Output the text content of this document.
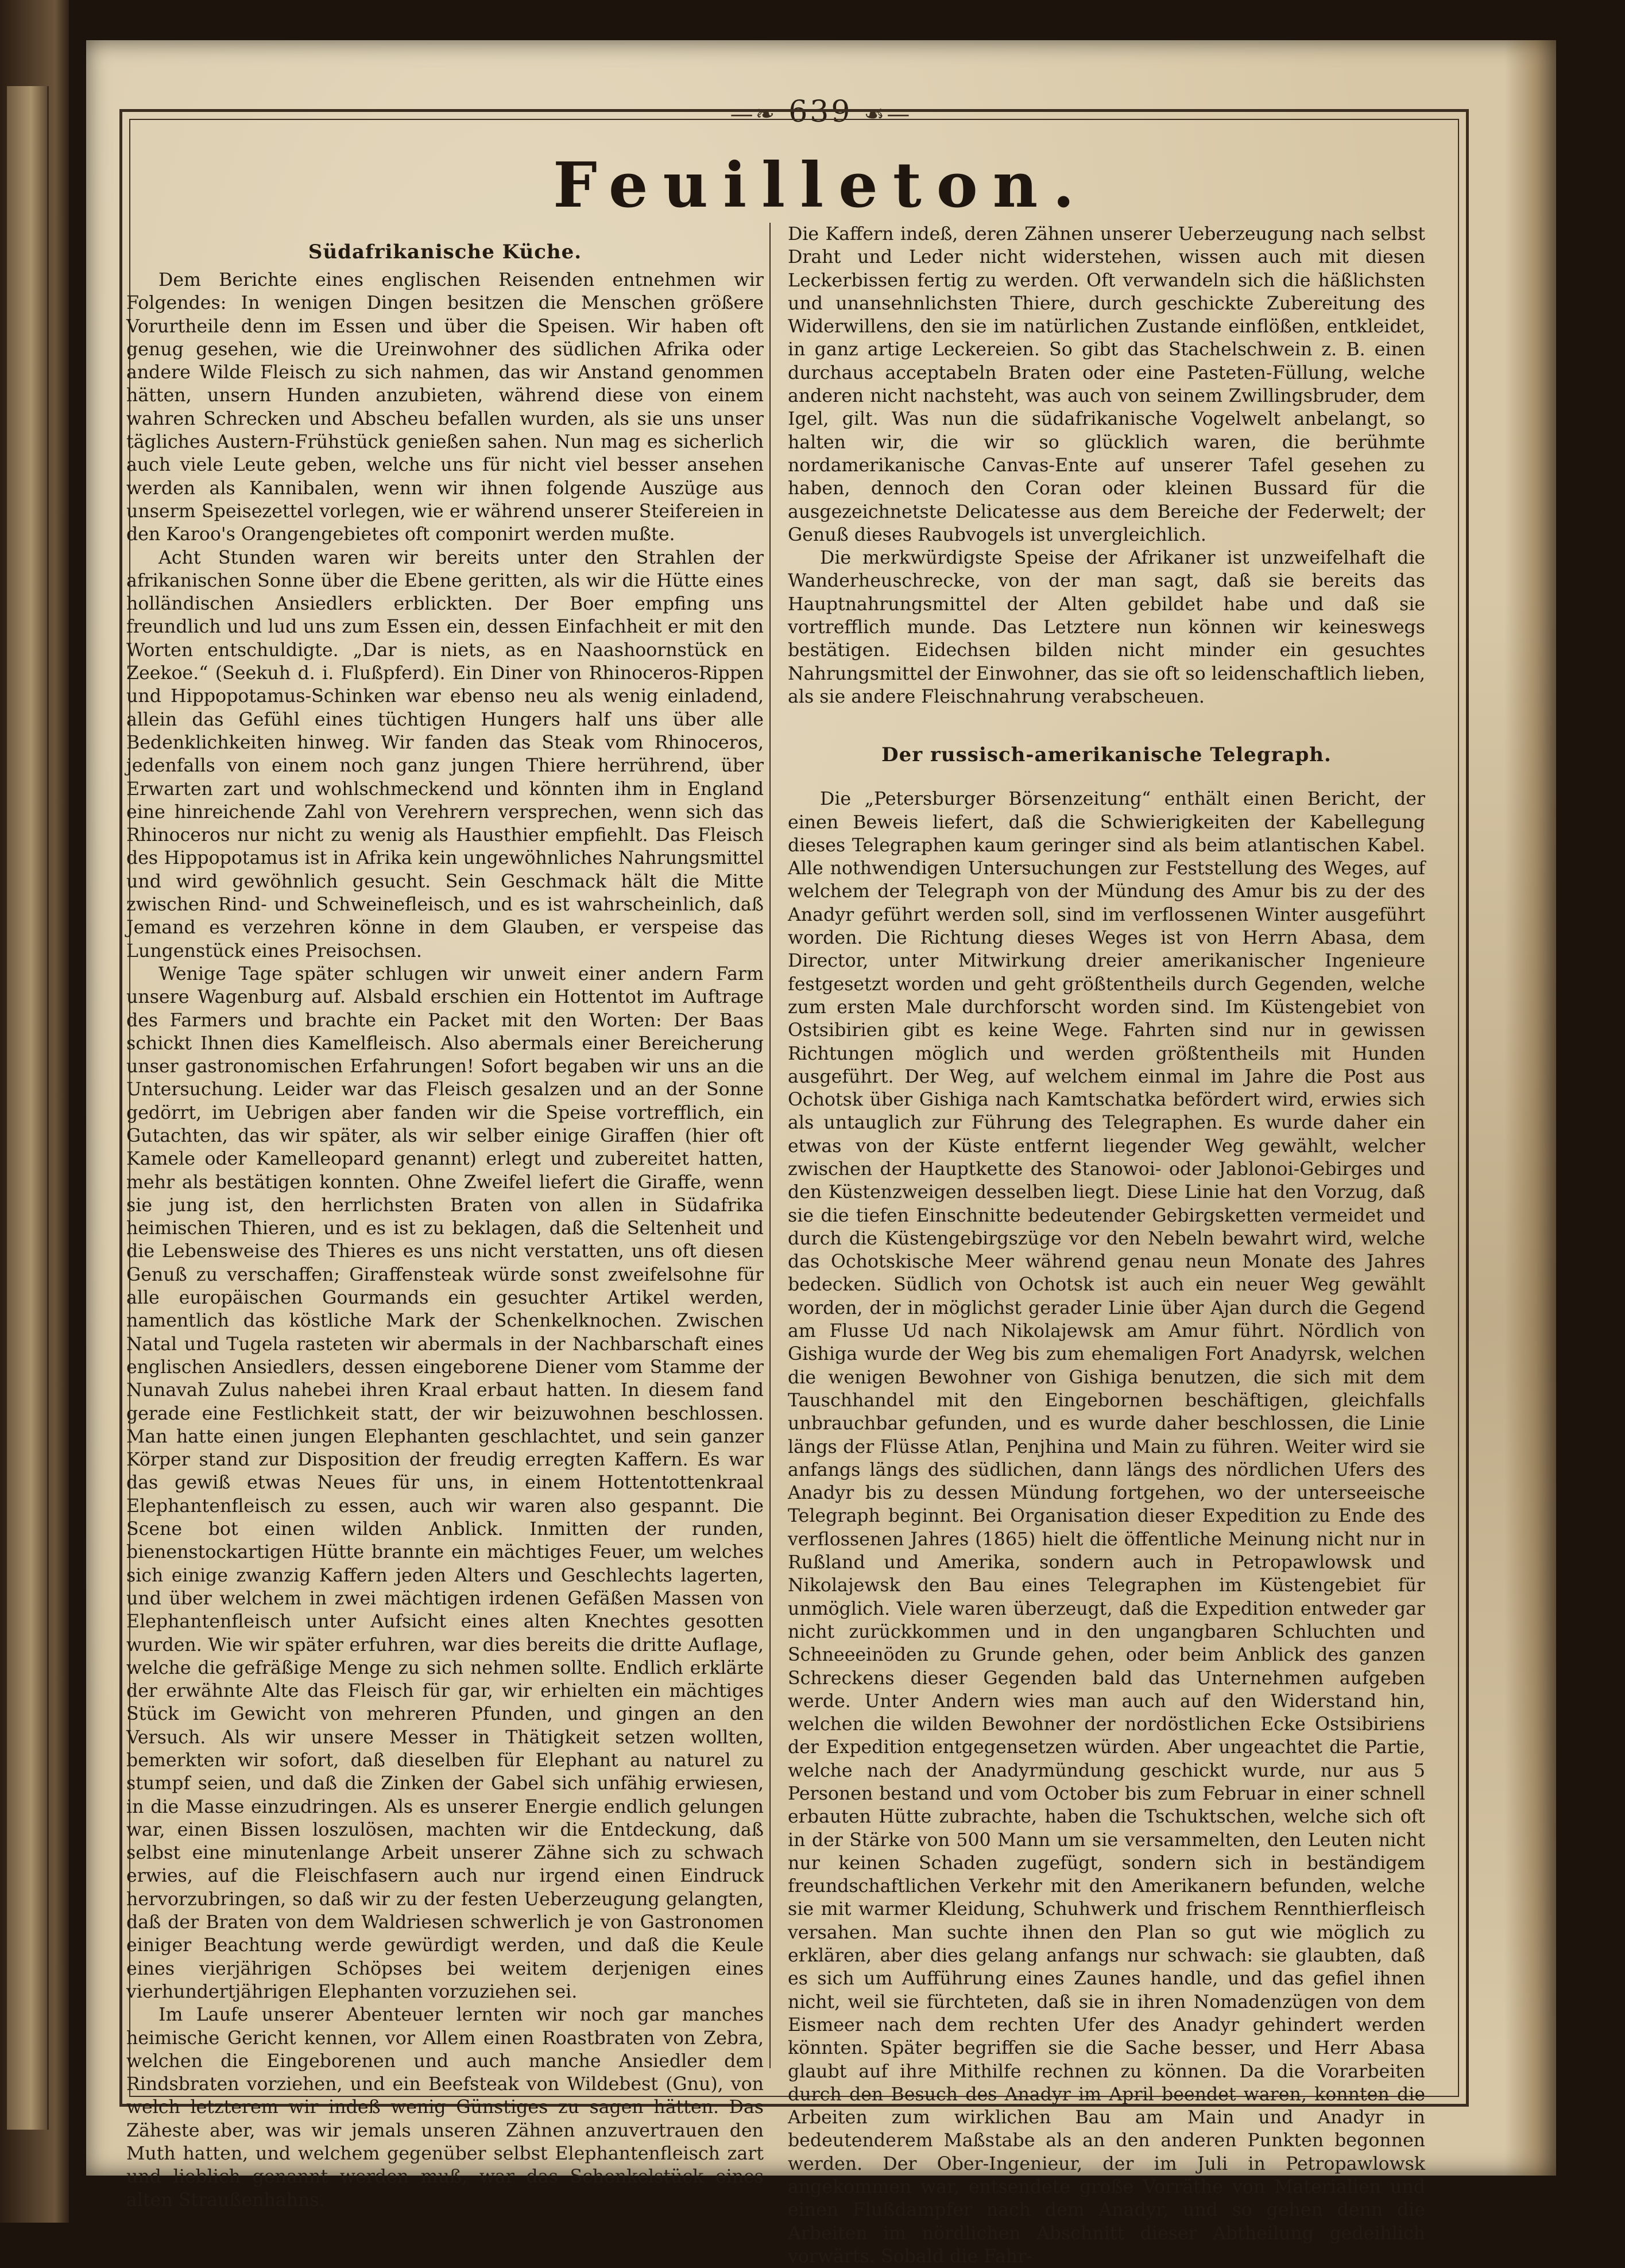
—❧ 639 ☙—
Feuilleton.
Südafrikanische Küche.

Dem Berichte eines englischen Reisenden entnehmen wir Folgendes: In wenigen Dingen besitzen die Menschen größere Vorurtheile denn im Essen und über die Speisen. Wir haben oft genug gesehen, wie die Ureinwohner des südlichen Afrika oder andere Wilde Fleisch zu sich nahmen, das wir Anstand genommen hätten, unsern Hunden anzubieten, während diese von einem wahren Schrecken und Abscheu befallen wurden, als sie uns unser tägliches Austern-Frühstück genießen sahen. Nun mag es sicherlich auch viele Leute geben, welche uns für nicht viel besser ansehen werden als Kannibalen, wenn wir ihnen folgende Auszüge aus unserm Speisezettel vorlegen, wie er während unserer Steifereien in den Karoo's Orangengebietes oft componirt werden mußte.

Acht Stunden waren wir bereits unter den Strahlen der afrikanischen Sonne über die Ebene geritten, als wir die Hütte eines holländischen Ansiedlers erblickten. Der Boer empfing uns freundlich und lud uns zum Essen ein, dessen Einfachheit er mit den Worten entschuldigte. „Dar is niets, as en Naashoornstück en Zeekoe.“ (Seekuh d. i. Flußpferd). Ein Diner von Rhinoceros-Rippen und Hippopotamus-Schinken war ebenso neu als wenig einladend, allein das Gefühl eines tüchtigen Hungers half uns über alle Bedenklichkeiten hinweg. Wir fanden das Steak vom Rhinoceros, jedenfalls von einem noch ganz jungen Thiere herrührend, über Erwarten zart und wohlschmeckend und könnten ihm in England eine hinreichende Zahl von Verehrern versprechen, wenn sich das Rhinoceros nur nicht zu wenig als Hausthier empfiehlt. Das Fleisch des Hippopotamus ist in Afrika kein ungewöhnliches Nahrungsmittel und wird gewöhnlich gesucht. Sein Geschmack hält die Mitte zwischen Rind- und Schweinefleisch, und es ist wahrscheinlich, daß Jemand es verzehren könne in dem Glauben, er verspeise das Lungenstück eines Preisochsen.

Wenige Tage später schlugen wir unweit einer andern Farm unsere Wagenburg auf. Alsbald erschien ein Hottentot im Auftrage des Farmers und brachte ein Packet mit den Worten: Der Baas schickt Ihnen dies Kamelfleisch. Also abermals einer Bereicherung unser gastronomischen Erfahrungen! Sofort begaben wir uns an die Untersuchung. Leider war das Fleisch gesalzen und an der Sonne gedörrt, im Uebrigen aber fanden wir die Speise vortrefflich, ein Gutachten, das wir später, als wir selber einige Giraffen (hier oft Kamele oder Kamelleopard genannt) erlegt und zubereitet hatten, mehr als bestätigen konnten. Ohne Zweifel liefert die Giraffe, wenn sie jung ist, den herrlichsten Braten von allen in Südafrika heimischen Thieren, und es ist zu beklagen, daß die Seltenheit und die Lebensweise des Thieres es uns nicht verstatten, uns oft diesen Genuß zu verschaffen; Giraffensteak würde sonst zweifelsohne für alle europäischen Gourmands ein gesuchter Artikel werden, namentlich das köstliche Mark der Schenkelknochen. Zwischen Natal und Tugela rasteten wir abermals in der Nachbarschaft eines englischen Ansiedlers, dessen eingeborene Diener vom Stamme der Nunavah Zulus nahebei ihren Kraal erbaut hatten. In diesem fand gerade eine Festlichkeit statt, der wir beizuwohnen beschlossen. Man hatte einen jungen Elephanten geschlachtet, und sein ganzer Körper stand zur Disposition der freudig erregten Kaffern. Es war das gewiß etwas Neues für uns, in einem Hottentottenkraal Elephantenfleisch zu essen, auch wir waren also gespannt. Die Scene bot einen wilden Anblick. Inmitten der runden, bienenstockartigen Hütte brannte ein mächtiges Feuer, um welches sich einige zwanzig Kaffern jeden Alters und Geschlechts lagerten, und über welchem in zwei mächtigen irdenen Gefäßen Massen von Elephantenfleisch unter Aufsicht eines alten Knechtes gesotten wurden. Wie wir später erfuhren, war dies bereits die dritte Auflage, welche die gefräßige Menge zu sich nehmen sollte. Endlich erklärte der erwähnte Alte das Fleisch für gar, wir erhielten ein mächtiges Stück im Gewicht von mehreren Pfunden, und gingen an den Versuch. Als wir unsere Messer in Thätigkeit setzen wollten, bemerkten wir sofort, daß dieselben für Elephant au naturel zu stumpf seien, und daß die Zinken der Gabel sich unfähig erwiesen, in die Masse einzudringen. Als es unserer Energie endlich gelungen war, einen Bissen loszulösen, machten wir die Entdeckung, daß selbst eine minutenlange Arbeit unserer Zähne sich zu schwach erwies, auf die Fleischfasern auch nur irgend einen Eindruck hervorzubringen, so daß wir zu der festen Ueberzeugung gelangten, daß der Braten von dem Waldriesen schwerlich je von Gastronomen einiger Beachtung werde gewürdigt werden, und daß die Keule eines vierjährigen Schöpses bei weitem derjenigen eines vierhundertjährigen Elephanten vorzuziehen sei.

Im Laufe unserer Abenteuer lernten wir noch gar manches heimische Gericht kennen, vor Allem einen Roastbraten von Zebra, welchen die Eingeborenen und auch manche Ansiedler dem Rindsbraten vorziehen, und ein Beefsteak von Wildebest (Gnu), von welch letzterem wir indeß wenig Günstiges zu sagen hätten. Das Zäheste aber, was wir jemals unseren Zähnen anzuvertrauen den Muth hatten, und welchem gegenüber selbst Elephantenfleisch zart und lieblich genannt werden muß, war das Schenkelstück eines alten Straußenhahns.

Die Kaffern indeß, deren Zähnen unserer Ueberzeugung nach selbst Draht und Leder nicht widerstehen, wissen auch mit diesen Leckerbissen fertig zu werden. Oft verwandeln sich die häßlichsten und unansehnlichsten Thiere, durch geschickte Zubereitung des Widerwillens, den sie im natürlichen Zustande einflößen, entkleidet, in ganz artige Leckereien. So gibt das Stachelschwein z. B. einen durchaus acceptabeln Braten oder eine Pasteten-Füllung, welche anderen nicht nachsteht, was auch von seinem Zwillingsbruder, dem Igel, gilt. Was nun die südafrikanische Vogelwelt anbelangt, so halten wir, die wir so glücklich waren, die berühmte nordamerikanische Canvas-Ente auf unserer Tafel gesehen zu haben, dennoch den Coran oder kleinen Bussard für die ausgezeichnetste Delicatesse aus dem Bereiche der Federwelt; der Genuß dieses Raubvogels ist unvergleichlich.

Die merkwürdigste Speise der Afrikaner ist unzweifelhaft die Wanderheuschrecke, von der man sagt, daß sie bereits das Hauptnahrungsmittel der Alten gebildet habe und daß sie vortrefflich munde. Das Letztere nun können wir keineswegs bestätigen. Eidechsen bilden nicht minder ein gesuchtes Nahrungsmittel der Einwohner, das sie oft so leidenschaftlich lieben, als sie andere Fleischnahrung verabscheuen.

Der russisch-amerikanische Telegraph.

Die „Petersburger Börsenzeitung“ enthält einen Bericht, der einen Beweis liefert, daß die Schwierigkeiten der Kabellegung dieses Telegraphen kaum geringer sind als beim atlantischen Kabel. Alle nothwendigen Untersuchungen zur Feststellung des Weges, auf welchem der Telegraph von der Mündung des Amur bis zu der des Anadyr geführt werden soll, sind im verflossenen Winter ausgeführt worden. Die Richtung dieses Weges ist von Herrn Abasa, dem Director, unter Mitwirkung dreier amerikanischer Ingenieure festgesetzt worden und geht größtentheils durch Gegenden, welche zum ersten Male durchforscht worden sind. Im Küstengebiet von Ostsibirien gibt es keine Wege. Fahrten sind nur in gewissen Richtungen möglich und werden größtentheils mit Hunden ausgeführt. Der Weg, auf welchem einmal im Jahre die Post aus Ochotsk über Gishiga nach Kamtschatka befördert wird, erwies sich als untauglich zur Führung des Telegraphen. Es wurde daher ein etwas von der Küste entfernt liegender Weg gewählt, welcher zwischen der Hauptkette des Stanowoi- oder Jablonoi-Gebirges und den Küstenzweigen desselben liegt. Diese Linie hat den Vorzug, daß sie die tiefen Einschnitte bedeutender Gebirgsketten vermeidet und durch die Küstengebirgszüge vor den Nebeln bewahrt wird, welche das Ochotskische Meer während genau neun Monate des Jahres bedecken. Südlich von Ochotsk ist auch ein neuer Weg gewählt worden, der in möglichst gerader Linie über Ajan durch die Gegend am Flusse Ud nach Nikolajewsk am Amur führt. Nördlich von Gishiga wurde der Weg bis zum ehemaligen Fort Anadyrsk, welchen die wenigen Bewohner von Gishiga benutzen, die sich mit dem Tauschhandel mit den Eingebornen beschäftigen, gleichfalls unbrauchbar gefunden, und es wurde daher beschlossen, die Linie längs der Flüsse Atlan, Penjhina und Main zu führen. Weiter wird sie anfangs längs des südlichen, dann längs des nördlichen Ufers des Anadyr bis zu dessen Mündung fortgehen, wo der unterseeische Telegraph beginnt. Bei Organisation dieser Expedition zu Ende des verflossenen Jahres (1865) hielt die öffentliche Meinung nicht nur in Rußland und Amerika, sondern auch in Petropawlowsk und Nikolajewsk den Bau eines Telegraphen im Küstengebiet für unmöglich. Viele waren überzeugt, daß die Expedition entweder gar nicht zurückkommen und in den ungangbaren Schluchten und Schneeeinöden zu Grunde gehen, oder beim Anblick des ganzen Schreckens dieser Gegenden bald das Unternehmen aufgeben werde. Unter Andern wies man auch auf den Widerstand hin, welchen die wilden Bewohner der nordöstlichen Ecke Ostsibiriens der Expedition entgegensetzen würden. Aber ungeachtet die Partie, welche nach der Anadyrmündung geschickt wurde, nur aus 5 Personen bestand und vom October bis zum Februar in einer schnell erbauten Hütte zubrachte, haben die Tschuktschen, welche sich oft in der Stärke von 500 Mann um sie versammelten, den Leuten nicht nur keinen Schaden zugefügt, sondern sich in beständigem freundschaftlichen Verkehr mit den Amerikanern befunden, welche sie mit warmer Kleidung, Schuhwerk und frischem Rennthierfleisch versahen. Man suchte ihnen den Plan so gut wie möglich zu erklären, aber dies gelang anfangs nur schwach: sie glaubten, daß es sich um Aufführung eines Zaunes handle, und das gefiel ihnen nicht, weil sie fürchteten, daß sie in ihren Nomadenzügen von dem Eismeer nach dem rechten Ufer des Anadyr gehindert werden könnten. Später begriffen sie die Sache besser, und Herr Abasa glaubt auf ihre Mithilfe rechnen zu können. Da die Vorarbeiten durch den Besuch des Anadyr im April beendet waren, konnten die Arbeiten zum wirklichen Bau am Main und Anadyr in bedeutenderem Maßstabe als an den anderen Punkten begonnen werden. Der Ober-Ingenieur, der im Juli in Petropawlowsk angekommen war, entsendete große Vorräthe von Materialien und einen Flußdampfer nach dem Anadyr, und so gehen denn die Arbeiten im nördlichen Abschnitt dieser Abtheilung gedeihlich vorwärts. Sobald die Fahr-
